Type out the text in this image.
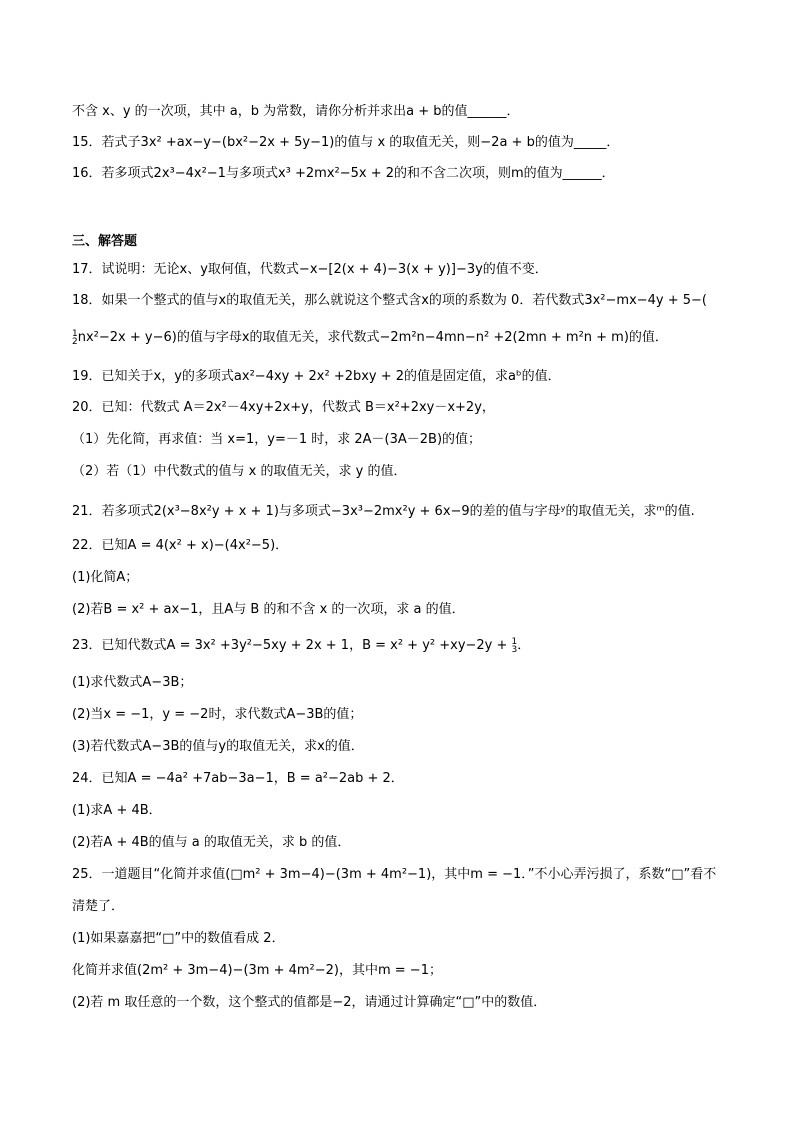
不含 x、y 的一次项，其中 a，b 为常数，请你分析并求出a + b的值______．
15．若式子3x² +ax−y−(bx²−2x + 5y−1)的值与 x 的取值无关，则−2a + b的值为_____．
16．若多项式2x³−4x²−1与多项式x³ +2mx²−5x + 2的和不含二次项，则m的值为______．
三、解答题
17．试说明：无论x、y取何值，代数式−x−[2(x + 4)−3(x + y)]−3y的值不变．
18．如果一个整式的值与x的取值无关，那么就说这个整式含x的项的系数为 0．若代数式3x²−mx−4y + 5−(
1
2nx²−2x + y−6)的值与字母x的取值无关，求代数式−2m²n−4mn−n² +2(2mn + m²n + m)的值．
19．已知关于x，y的多项式ax²−4xy + 2x² +2bxy + 2的值是固定值，求aᵇ的值．
20．已知：代数式 A＝2x²－4xy+2x+y，代数式 B＝x²+2xy－x+2y，
（1）先化简，再求值：当 x=1，y=－1 时，求 2A－(3A－2B)的值；
（2）若（1）中代数式的值与 x 的取值无关，求 y 的值．
21．若多项式2(x³−8x²y + x + 1)与多项式−3x³−2mx²y + 6x−9的差的值与字母ʸ的取值无关，求ᵐ的值.
22．已知A = 4(x² + x)−(4x²−5)．
(1)化简A；
(2)若B = x² + ax−1，且A与 B 的和不含 x 的一次项，求 a 的值．
23．已知代数式A = 3x² +3y²−5xy + 2x + 1，B = x² + y² +xy−2y + 1
3．
(1)求代数式A−3B；
(2)当x = −1，y = −2时，求代数式A−3B的值；
(3)若代数式A−3B的值与y的取值无关，求x的值．
24．已知A = −4a² +7ab−3a−1，B = a²−2ab + 2．
(1)求A + 4B．
(2)若A + 4B的值与 a 的取值无关，求 b 的值．
25．一道题目“化简并求值(□m² + 3m−4)−(3m + 4m²−1)，其中m = −1．”不小心弄污损了，系数“□”看不
清楚了．
(1)如果嘉嘉把“□”中的数值看成 2．
化简并求值(2m² + 3m−4)−(3m + 4m²−2)，其中m = −1；
(2)若 m 取任意的一个数，这个整式的值都是−2，请通过计算确定“□”中的数值．
